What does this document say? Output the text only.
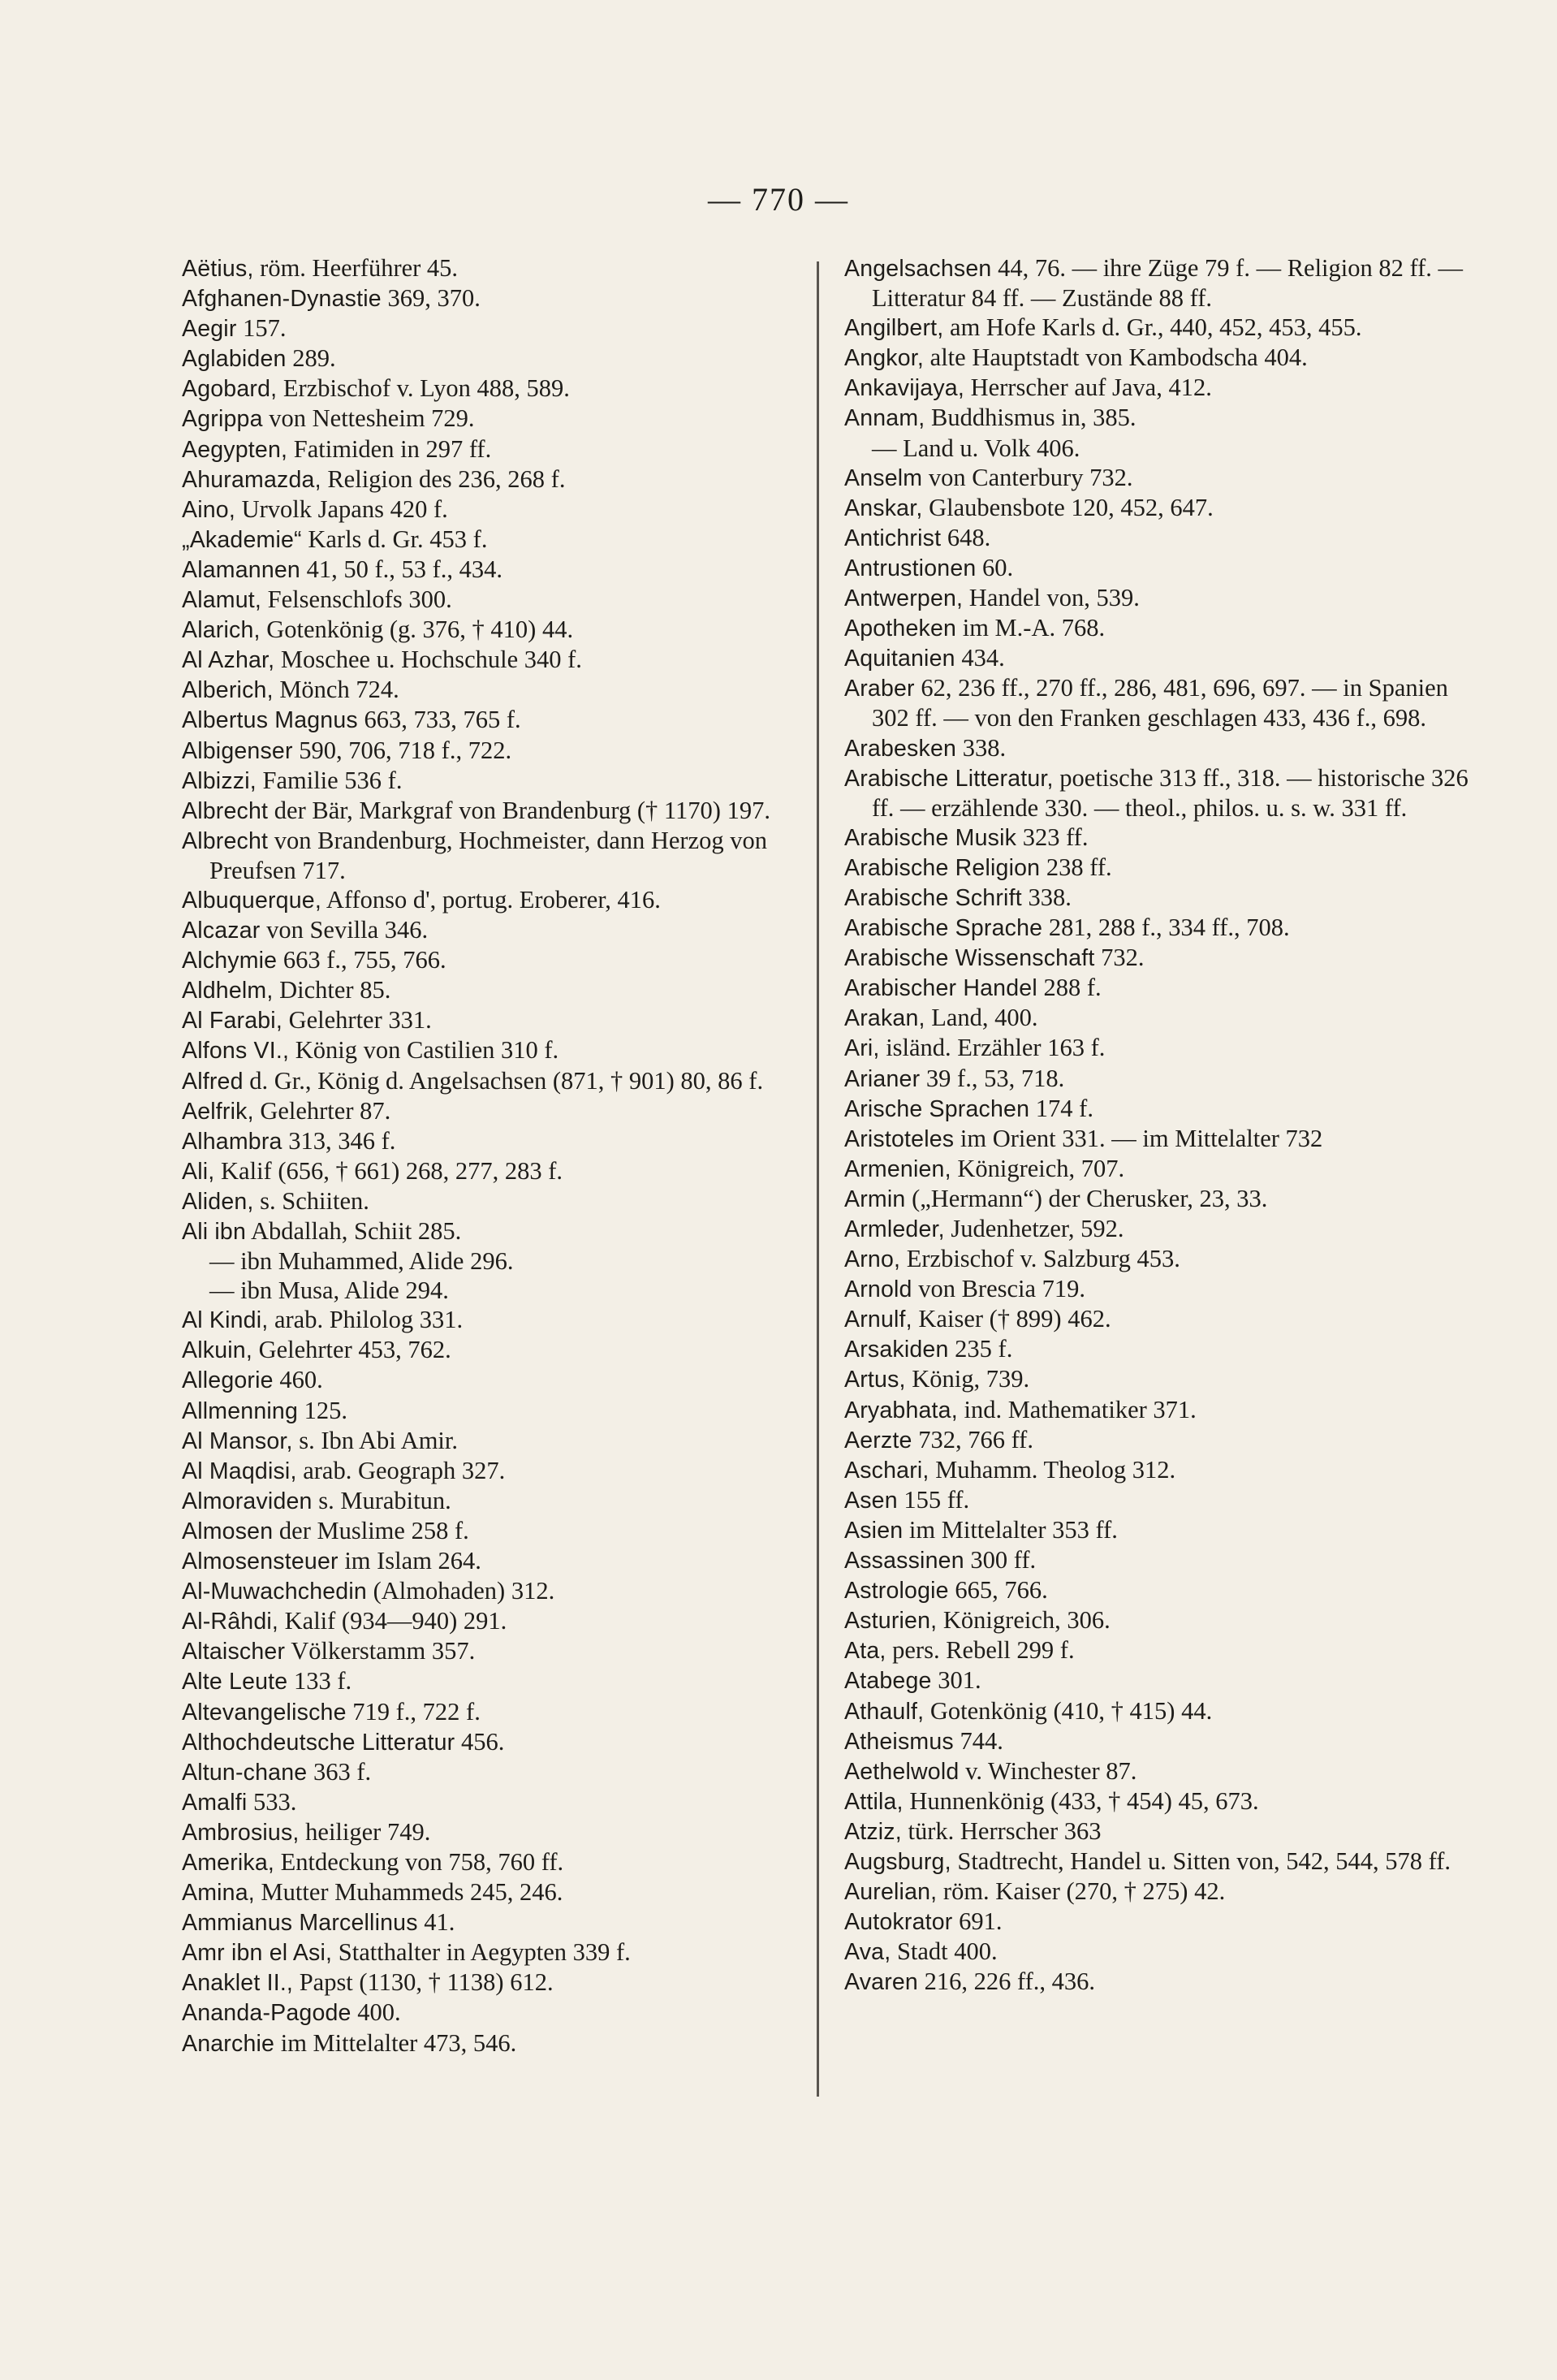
— 770 —

Aëtius, röm. Heerführer 45.

Afghanen-Dynastie 369, 370.

Aegir 157.

Aglabiden 289.

Agobard, Erzbischof v. Lyon 488, 589.

Agrippa von Nettesheim 729.

Aegypten, Fatimiden in 297 ff.

Ahuramazda, Religion des 236, 268 f.

Aino, Urvolk Japans 420 f.

„Akademie“ Karls d. Gr. 453 f.

Alamannen 41, 50 f., 53 f., 434.

Alamut, Felsenschlofs 300.

Alarich, Gotenkönig (g. 376, † 410) 44.

Al Azhar, Moschee u. Hochschule 340 f.

Alberich, Mönch 724.

Albertus Magnus 663, 733, 765 f.

Albigenser 590, 706, 718 f., 722.

Albizzi, Familie 536 f.

Albrecht der Bär, Markgraf von Brandenburg († 1170) 197.

Albrecht von Brandenburg, Hochmeister, dann Herzog von Preufsen 717.

Albuquerque, Affonso d', portug. Eroberer, 416.

Alcazar von Sevilla 346.

Alchymie 663 f., 755, 766.

Aldhelm, Dichter 85.

Al Farabi, Gelehrter 331.

Alfons VI., König von Castilien 310 f.

Alfred d. Gr., König d. Angelsachsen (871, † 901) 80, 86 f.

Aelfrik, Gelehrter 87.

Alhambra 313, 346 f.

Ali, Kalif (656, † 661) 268, 277, 283 f.

Aliden, s. Schiiten.

Ali ibn Abdallah, Schiit 285.

— ibn Muhammed, Alide 296.

— ibn Musa, Alide 294.

Al Kindi, arab. Philolog 331.

Alkuin, Gelehrter 453, 762.

Allegorie 460.

Allmenning 125.

Al Mansor, s. Ibn Abi Amir.

Al Maqdisi, arab. Geograph 327.

Almoraviden s. Murabitun.

Almosen der Muslime 258 f.

Almosensteuer im Islam 264.

Al-Muwachchedin (Almohaden) 312.

Al-Râhdi, Kalif (934—940) 291.

Altaischer Völkerstamm 357.

Alte Leute 133 f.

Altevangelische 719 f., 722 f.

Althochdeutsche Litteratur 456.

Altun-chane 363 f.

Amalfi 533.

Ambrosius, heiliger 749.

Amerika, Entdeckung von 758, 760 ff.

Amina, Mutter Muhammeds 245, 246.

Ammianus Marcellinus 41.

Amr ibn el Asi, Statthalter in Aegypten 339 f.

Anaklet II., Papst (1130, † 1138) 612.

Ananda-Pagode 400.

Anarchie im Mittelalter 473, 546.

Angelsachsen 44, 76. — ihre Züge 79 f. — Religion 82 ff. — Litteratur 84 ff. — Zustände 88 ff.

Angilbert, am Hofe Karls d. Gr., 440, 452, 453, 455.

Angkor, alte Hauptstadt von Kambodscha 404.

Ankavijaya, Herrscher auf Java, 412.

Annam, Buddhismus in, 385.

— Land u. Volk 406.

Anselm von Canterbury 732.

Anskar, Glaubensbote 120, 452, 647.

Antichrist 648.

Antrustionen 60.

Antwerpen, Handel von, 539.

Apotheken im M.-A. 768.

Aquitanien 434.

Araber 62, 236 ff., 270 ff., 286, 481, 696, 697. — in Spanien 302 ff. — von den Franken geschlagen 433, 436 f., 698.

Arabesken 338.

Arabische Litteratur, poetische 313 ff., 318. — historische 326 ff. — erzählende 330. — theol., philos. u. s. w. 331 ff.

Arabische Musik 323 ff.

Arabische Religion 238 ff.

Arabische Schrift 338.

Arabische Sprache 281, 288 f., 334 ff., 708.

Arabische Wissenschaft 732.

Arabischer Handel 288 f.

Arakan, Land, 400.

Ari, isländ. Erzähler 163 f.

Arianer 39 f., 53, 718.

Arische Sprachen 174 f.

Aristoteles im Orient 331. — im Mittelalter 732

Armenien, Königreich, 707.

Armin („Hermann“) der Cherusker, 23, 33.

Armleder, Judenhetzer, 592.

Arno, Erzbischof v. Salzburg 453.

Arnold von Brescia 719.

Arnulf, Kaiser († 899) 462.

Arsakiden 235 f.

Artus, König, 739.

Aryabhata, ind. Mathematiker 371.

Aerzte 732, 766 ff.

Aschari, Muhamm. Theolog 312.

Asen 155 ff.

Asien im Mittelalter 353 ff.

Assassinen 300 ff.

Astrologie 665, 766.

Asturien, Königreich, 306.

Ata, pers. Rebell 299 f.

Atabege 301.

Athaulf, Gotenkönig (410, † 415) 44.

Atheismus 744.

Aethelwold v. Winchester 87.

Attila, Hunnenkönig (433, † 454) 45, 673.

Atziz, türk. Herrscher 363

Augsburg, Stadtrecht, Handel u. Sitten von, 542, 544, 578 ff.

Aurelian, röm. Kaiser (270, † 275) 42.

Autokrator 691.

Ava, Stadt 400.

Avaren 216, 226 ff., 436.
